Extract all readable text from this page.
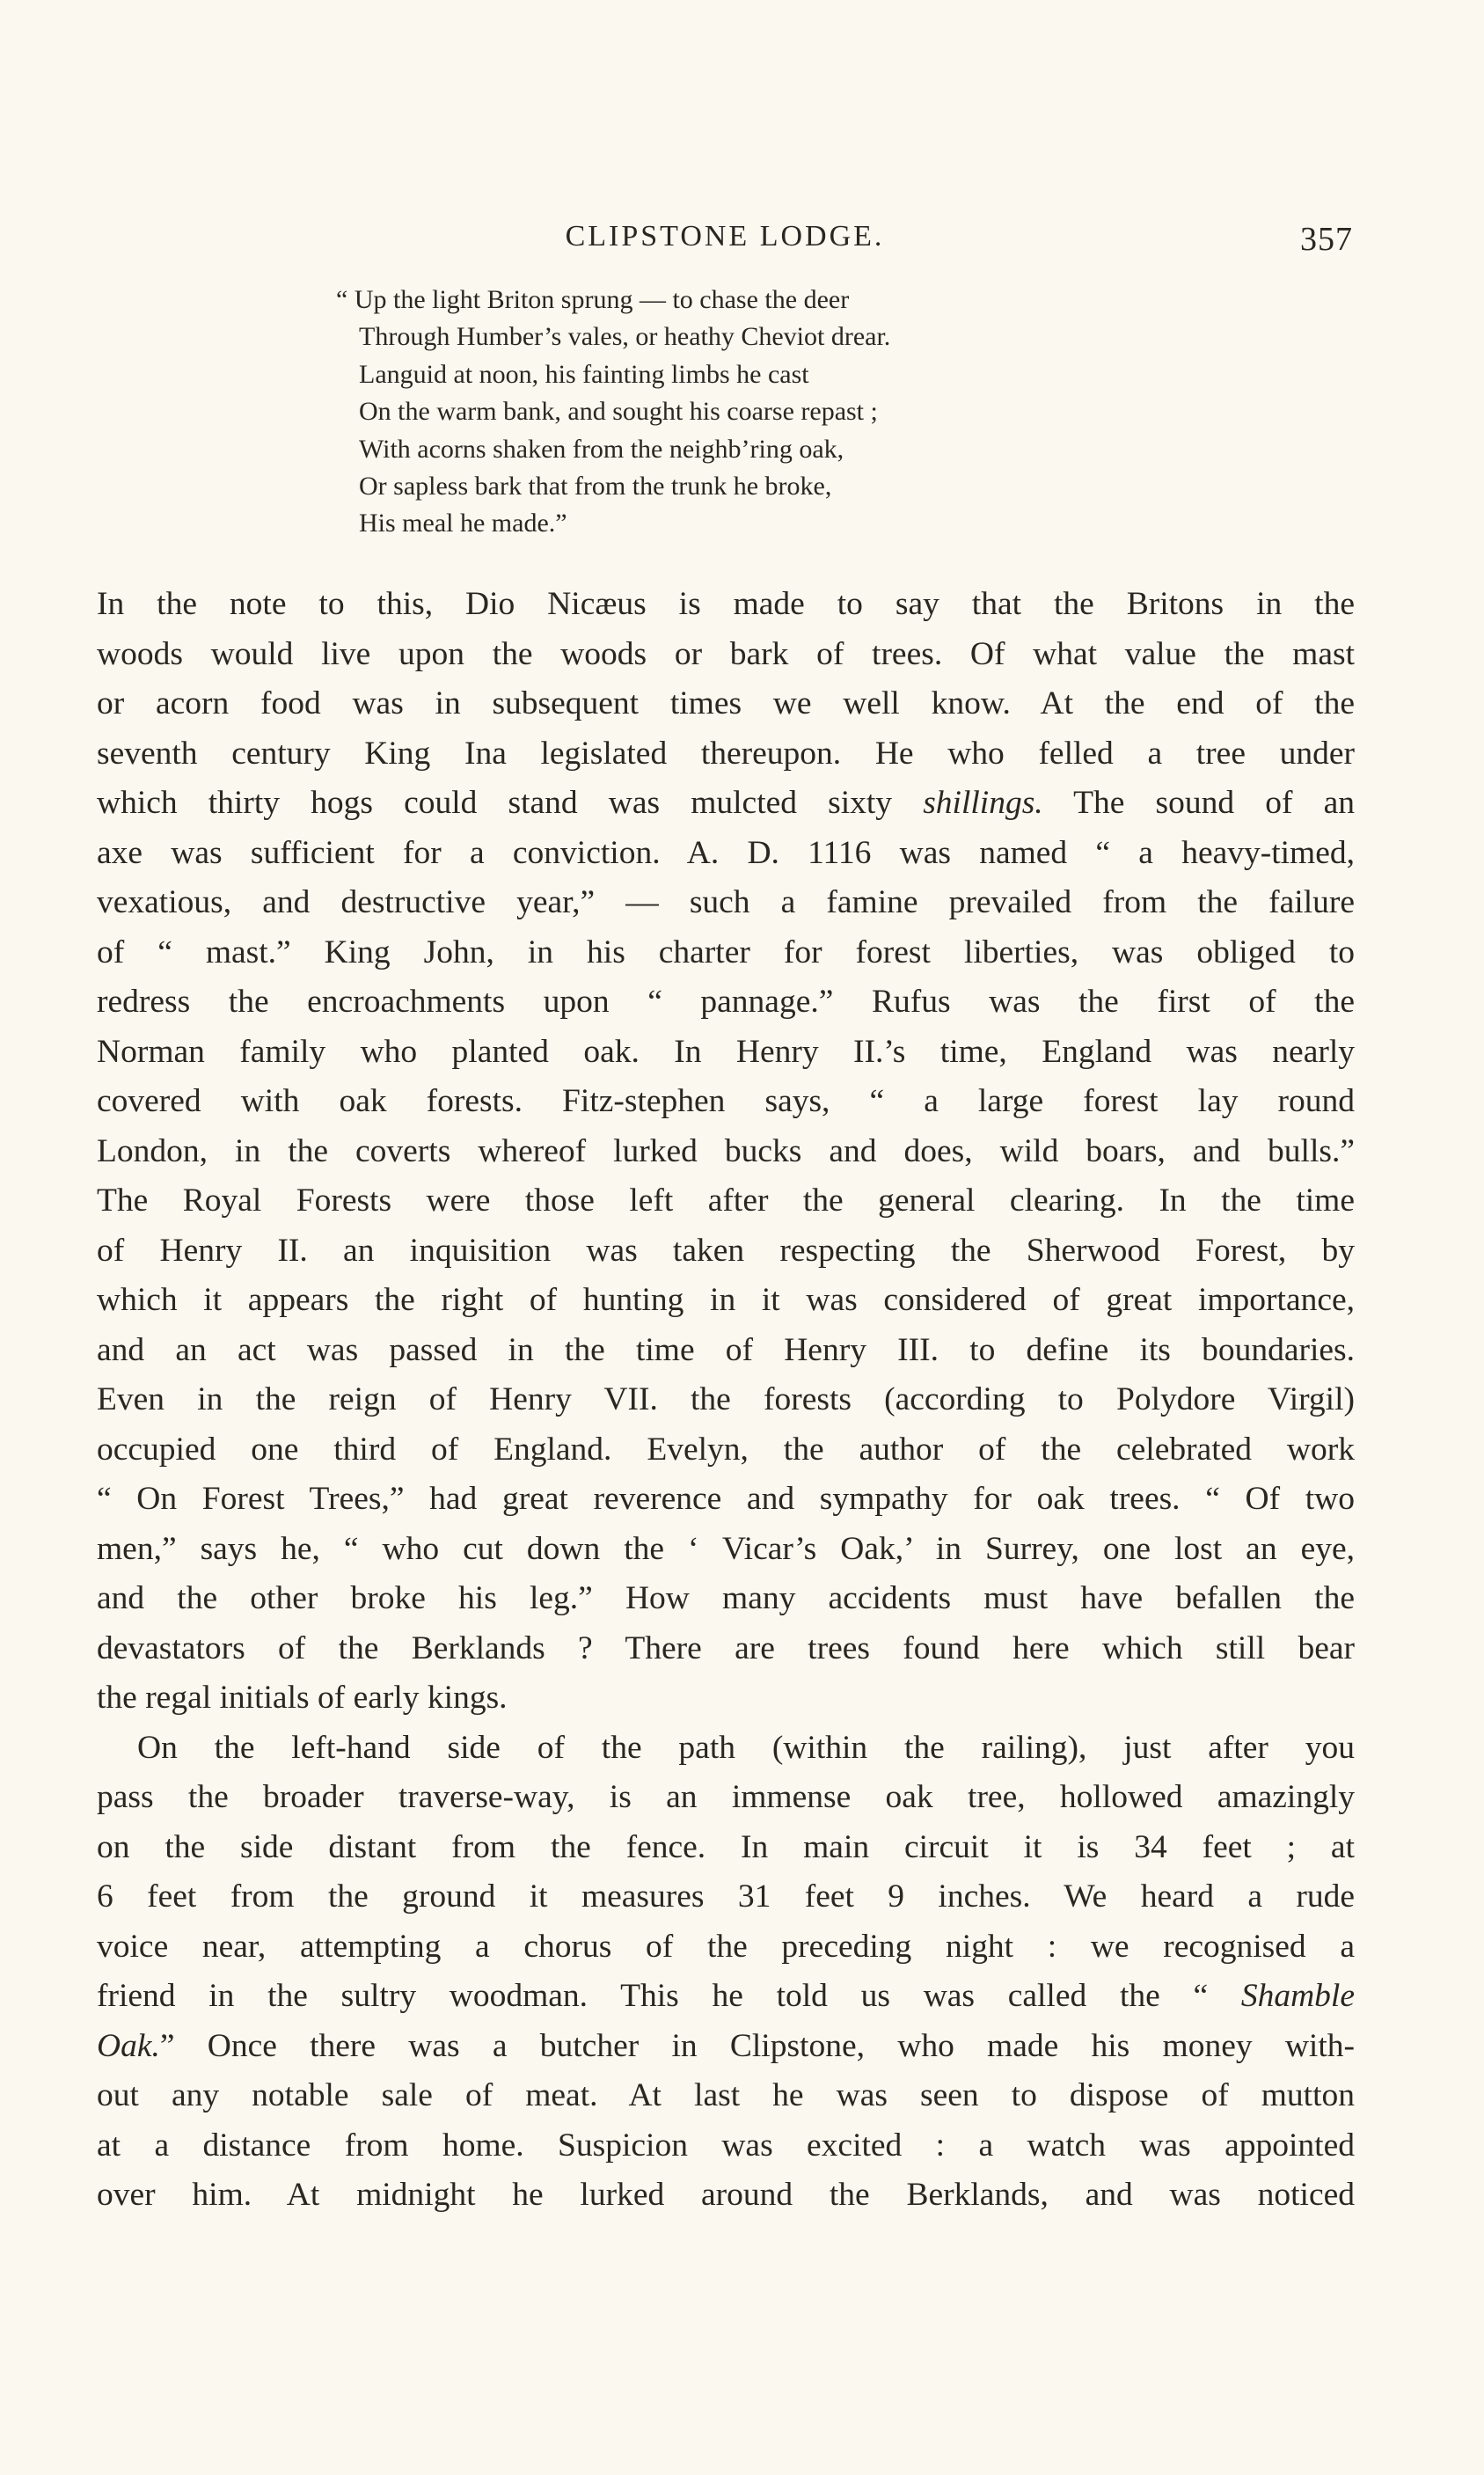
CLIPSTONE LODGE.	357
“ Up the light Briton sprung — to chase the deer
Through Humber’s vales, or heathy Cheviot drear.
Languid at noon, his fainting limbs he cast
On the warm bank, and sought his coarse repast ;
With acorns shaken from the neighb’ring oak,
Or sapless bark that from the trunk he broke,
His meal he made.”
In the note to this, Dio Nicæus is made to say that the Britons in the
woods would live upon the woods or bark of trees. Of what value the mast
or acorn food was in subsequent times we well know. At the end of the
seventh century King Ina legislated thereupon. He who felled a tree under
which thirty hogs could stand was mulcted sixty shillings. The sound of an
axe was sufficient for a conviction. A. D. 1116 was named “ a heavy-timed,
vexatious, and destructive year,” — such a famine prevailed from the failure
of “ mast.” King John, in his charter for forest liberties, was obliged to
redress the encroachments upon “ pannage.” Rufus was the first of the
Norman family who planted oak. In Henry II.’s time, England was nearly
covered with oak forests. Fitz-stephen says, “ a large forest lay round
London, in the coverts whereof lurked bucks and does, wild boars, and bulls.”
The Royal Forests were those left after the general clearing. In the time
of Henry II. an inquisition was taken respecting the Sherwood Forest, by
which it appears the right of hunting in it was considered of great importance,
and an act was passed in the time of Henry III. to define its boundaries.
Even in the reign of Henry VII. the forests (according to Polydore Virgil)
occupied one third of England. Evelyn, the author of the celebrated work
“ On Forest Trees,” had great reverence and sympathy for oak trees. “ Of two
men,” says he, “ who cut down the ‘ Vicar’s Oak,’ in Surrey, one lost an eye,
and the other broke his leg.” How many accidents must have befallen the
devastators of the Berklands ? There are trees found here which still bear
the regal initials of early kings.
On the left-hand side of the path (within the railing), just after you
pass the broader traverse-way, is an immense oak tree, hollowed amazingly
on the side distant from the fence. In main circuit it is 34 feet ; at
6 feet from the ground it measures 31 feet 9 inches. We heard a rude
voice near, attempting a chorus of the preceding night : we recognised a
friend in the sultry woodman. This he told us was called the “ Shamble
Oak.” Once there was a butcher in Clipstone, who made his money with-
out any notable sale of meat. At last he was seen to dispose of mutton
at a distance from home. Suspicion was excited : a watch was appointed
over him. At midnight he lurked around the Berklands, and was noticed
